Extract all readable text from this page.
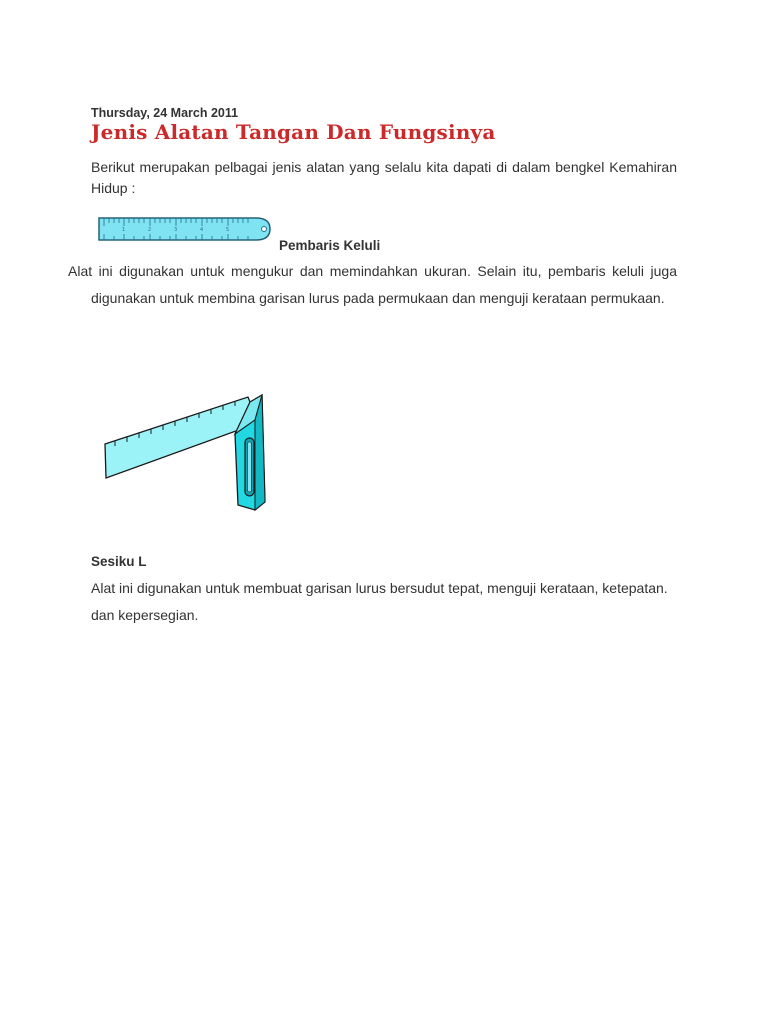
Thursday, 24 March 2011
Jenis Alatan Tangan Dan Fungsinya
Berikut merupakan pelbagai jenis alatan yang selalu kita dapati di dalam bengkel Kemahiran Hidup :
1	2	3	4	5
Pembaris Keluli
Alat ini digunakan untuk mengukur dan memindahkan ukuran. Selain itu, pembaris keluli juga digunakan untuk membina garisan lurus pada permukaan dan menguji kerataan permukaan.
Sesiku L
Alat ini digunakan untuk membuat garisan lurus bersudut tepat, menguji kerataan, ketepatan. dan kepersegian.
